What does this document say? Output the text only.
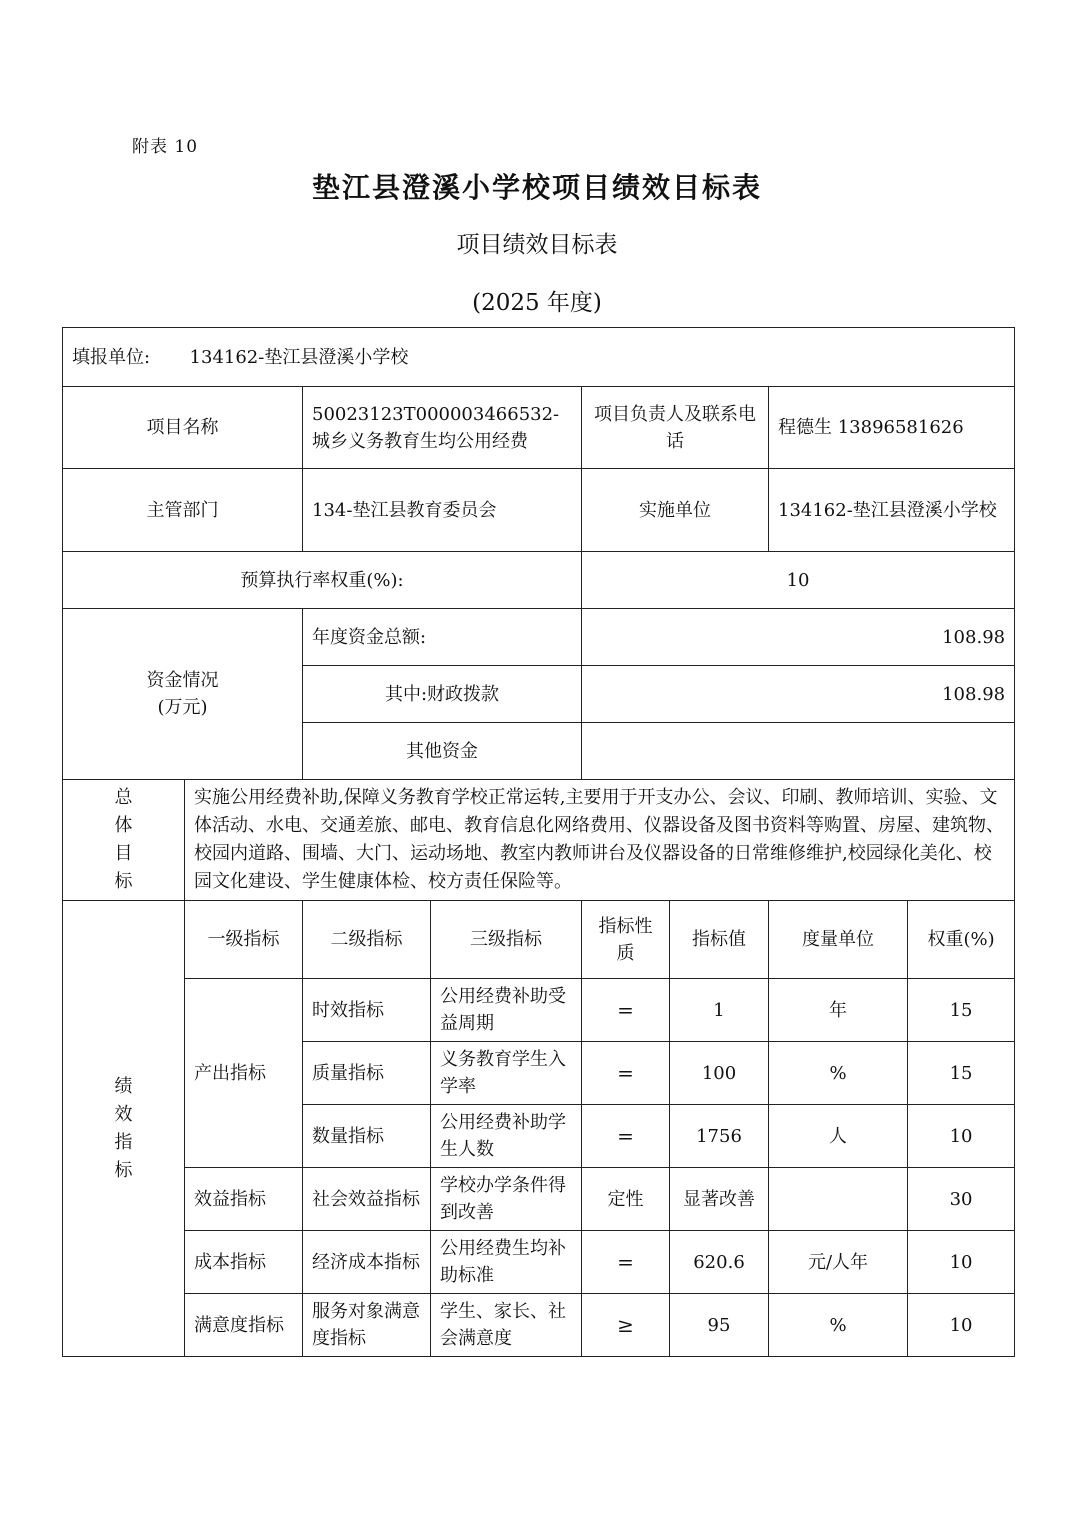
附表 10
垫江县澄溪小学校项目绩效目标表
项目绩效目标表
(2025 年度)
填报单位: 134162-垫江县澄溪小学校							
项目名称		50023123T000003466532-城乡义务教育生均公用经费		项目负责人及联系电话		程德生 13896581626	
主管部门		134-垫江县教育委员会		实施单位		134162-垫江县澄溪小学校	
预算执行率权重(%):				10			

资金情况
(万元)		年度资金总额:		108.98			
		其中:财政拨款		108.98			
		其他资金					

总
体
目
标	实施公用经费补助,保障义务教育学校正常运转,主要用于开支办公、会议、印刷、教师培训、实验、文体活动、水电、交通差旅、邮电、教育信息化网络费用、仪器设备及图书资料等购置、房屋、建筑物、校园内道路、围墙、大门、运动场地、教室内教师讲台及仪器设备的日常维修维护,校园绿化美化、校园文化建设、学生健康体检、校方责任保险等。						

绩
效
指
标	一级指标	二级指标	三级指标	指标性质	指标值	度量单位	权重(%)
	产出指标	时效指标	公用经费补助受益周期	=	1	年	15
		质量指标	义务教育学生入学率	=	100	%	15
		数量指标	公用经费补助学生人数	=	1756	人	10
	效益指标	社会效益指标	学校办学条件得到改善	定性	显著改善		30
	成本指标	经济成本指标	公用经费生均补助标准	=	620.6	元/人年	10
	满意度指标	服务对象满意度指标	学生、家长、社会满意度	≥	95	%	10
